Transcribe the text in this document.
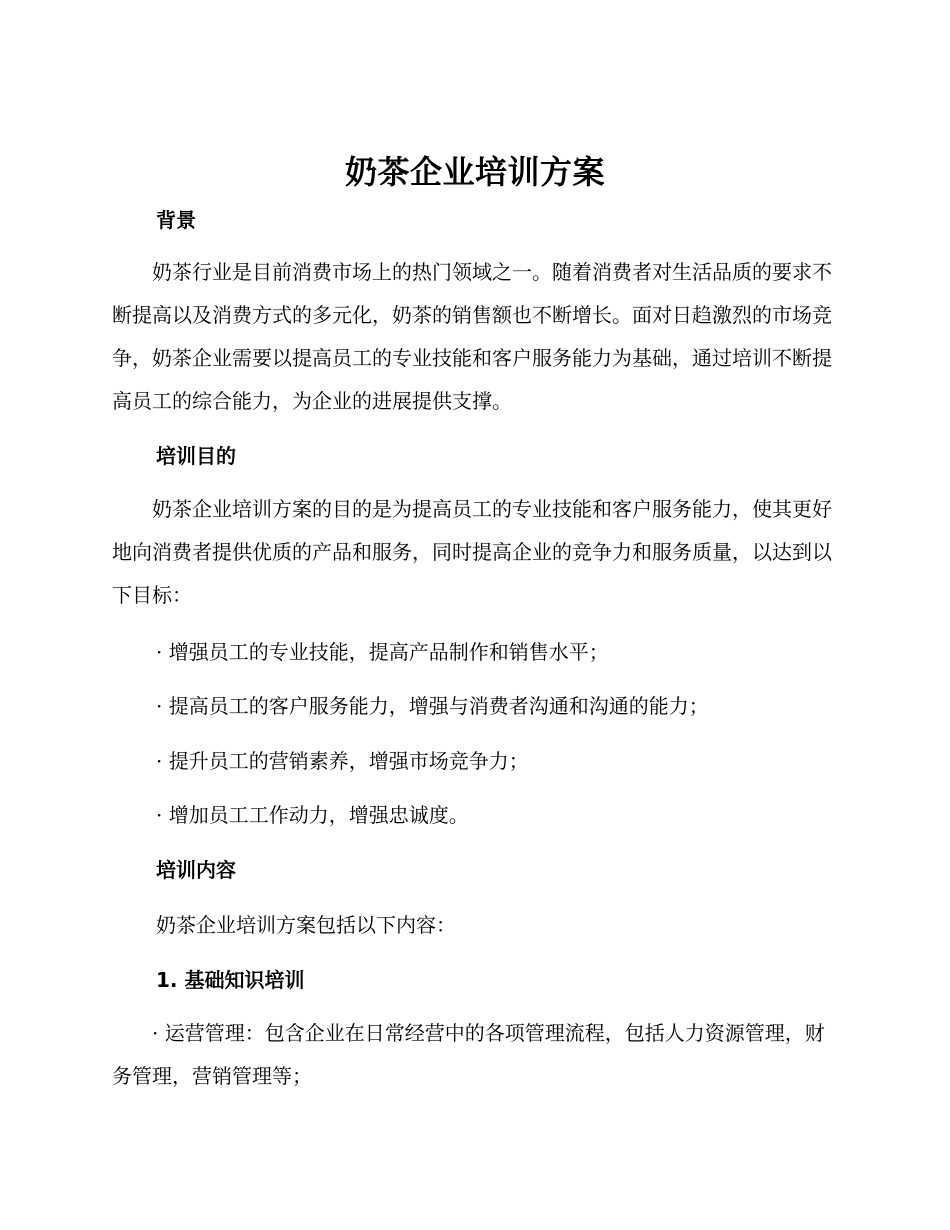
奶茶企业培训方案
背景

奶茶行业是目前消费市场上的热门领域之一。随着消费者对生活品质的要求不断提高以及消费方式的多元化，奶茶的销售额也不断增长。面对日趋激烈的市场竞争，奶茶企业需要以提高员工的专业技能和客户服务能力为基础，通过培训不断提高员工的综合能力，为企业的进展提供支撑。

培训目的

奶茶企业培训方案的目的是为提高员工的专业技能和客户服务能力，使其更好地向消费者提供优质的产品和服务，同时提高企业的竞争力和服务质量，以达到以下目标：

· 增强员工的专业技能，提高产品制作和销售水平；

· 提高员工的客户服务能力，增强与消费者沟通和沟通的能力；

· 提升员工的营销素养，增强市场竞争力；

· 增加员工工作动力，增强忠诚度。

培训内容

奶茶企业培训方案包括以下内容：

1. 基础知识培训

· 运营管理：包含企业在日常经营中的各项管理流程，包括人力资源管理，财务管理，营销管理等；
